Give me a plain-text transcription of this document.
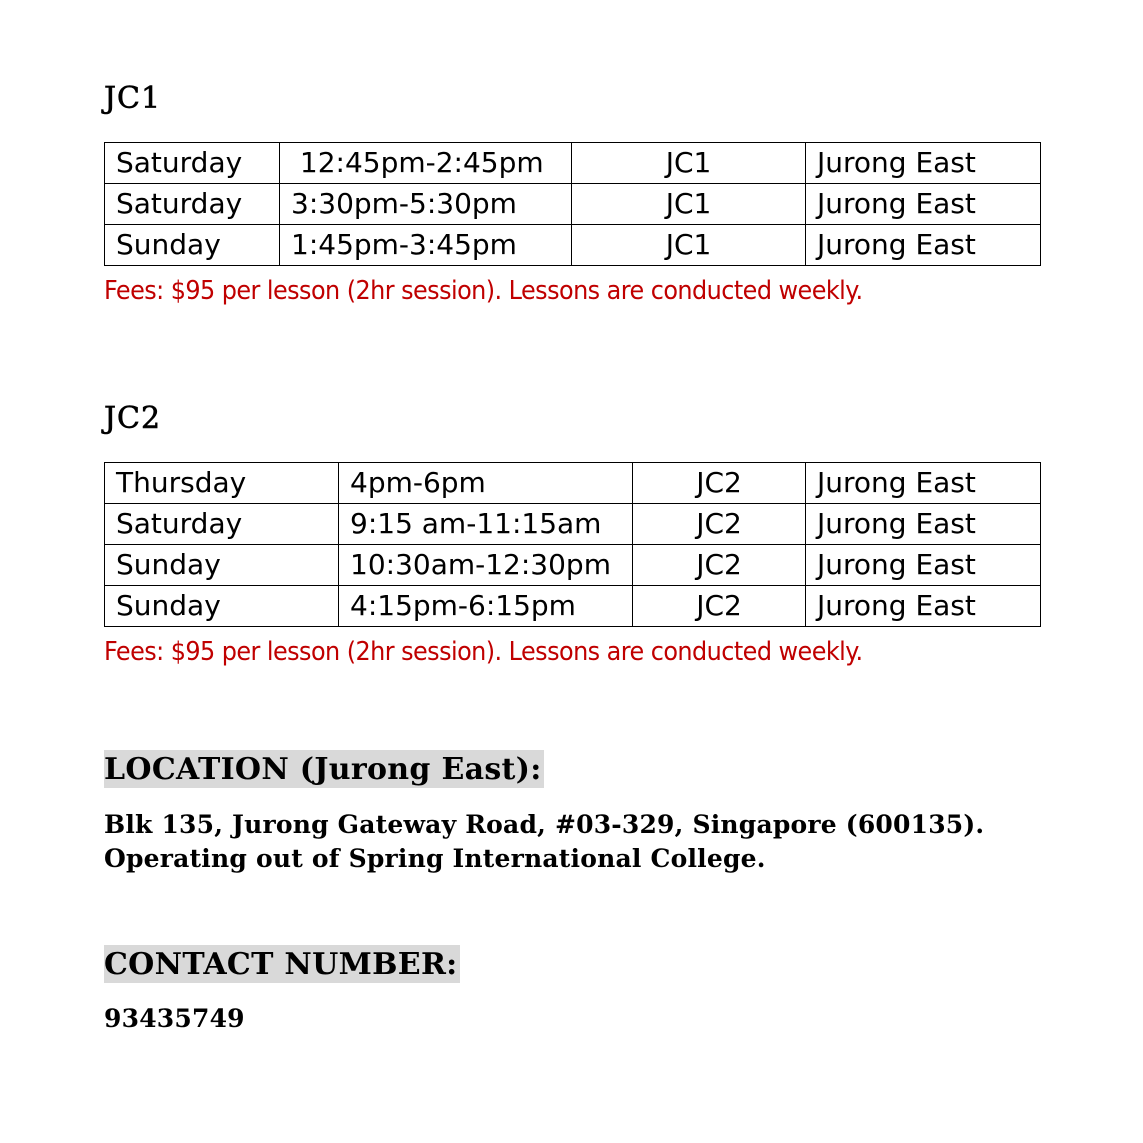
JC1
Saturday	12:45pm-2:45pm	JC1	Jurong East
Saturday	3:30pm-5:30pm	JC1	Jurong East
Sunday	1:45pm-3:45pm	JC1	Jurong East

Fees: $95 per lesson (2hr session). Lessons are conducted weekly.

JC2
Thursday	4pm-6pm	JC2	Jurong East
Saturday	9:15 am-11:15am	JC2	Jurong East
Sunday	10:30am-12:30pm	JC2	Jurong East
Sunday	4:15pm-6:15pm	JC2	Jurong East

Fees: $95 per lesson (2hr session). Lessons are conducted weekly.

LOCATION (Jurong East):

Blk 135, Jurong Gateway Road, #03-329, Singapore (600135).

Operating out of Spring International College.

CONTACT NUMBER:

93435749
